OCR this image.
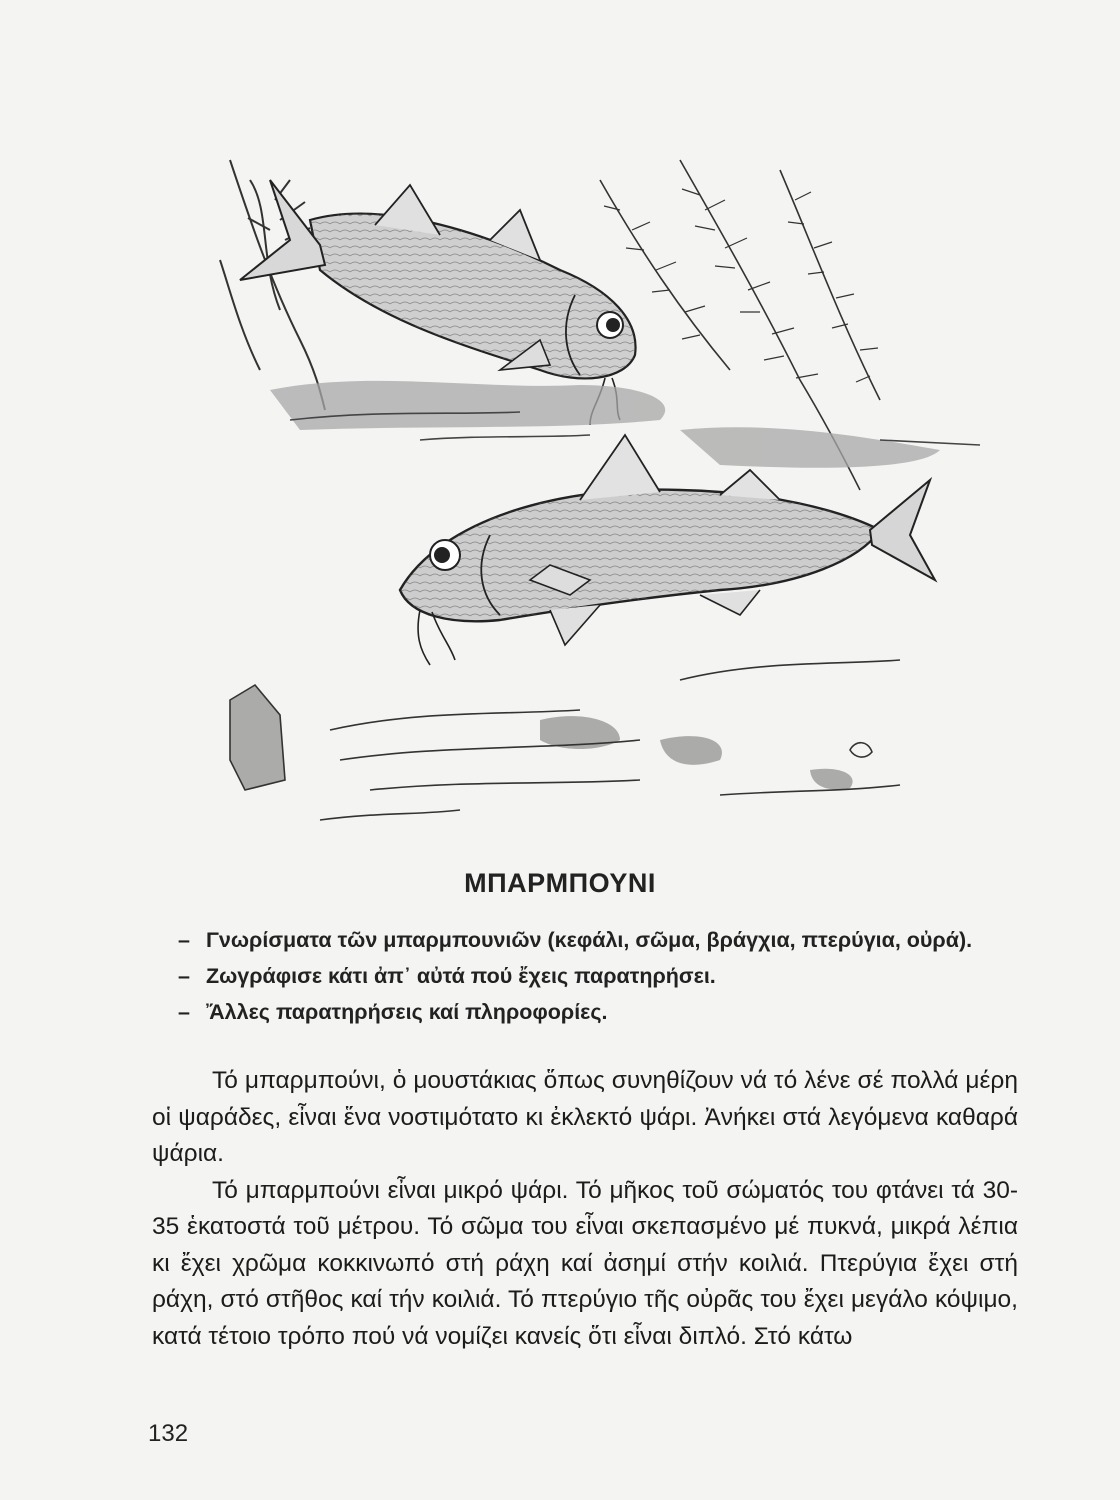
ΜΠΑΡΜΠΟΥΝΙ
– Γνωρίσματα τῶν μπαρμπουνιῶν (κεφάλι, σῶμα, βράγχια, πτερύγια, οὐρά).
– Ζωγράφισε κάτι ἀπ᾽ αὐτά πού ἔχεις παρατηρήσει.
– Ἄλλες παρατηρήσεις καί πληροφορίες.

Τό μπαρμπούνι, ὁ μουστάκιας ὅπως συνηθίζουν νά τό λένε σέ πολλά μέρη οἱ ψαράδες, εἶναι ἕνα νοστιμότατο κι ἐκλεκτό ψάρι. Ἀνήκει στά λεγόμενα καθαρά ψάρια.

Τό μπαρμπούνι εἶναι μικρό ψάρι. Τό μῆκος τοῦ σώματός του φτάνει τά 30-35 ἑκατοστά τοῦ μέτρου. Τό σῶμα του εἶναι σκεπασμένο μέ πυκνά, μικρά λέπια κι ἔχει χρῶμα κοκκινωπό στή ράχη καί ἀσημί στήν κοιλιά. Πτερύγια ἔχει στή ράχη, στό στῆθος καί τήν κοιλιά. Τό πτερύγιο τῆς οὐρᾶς του ἔχει μεγάλο κόψιμο, κατά τέτοιο τρόπο πού νά νομίζει κανείς ὅτι εἶναι διπλό. Στό κάτω

132
